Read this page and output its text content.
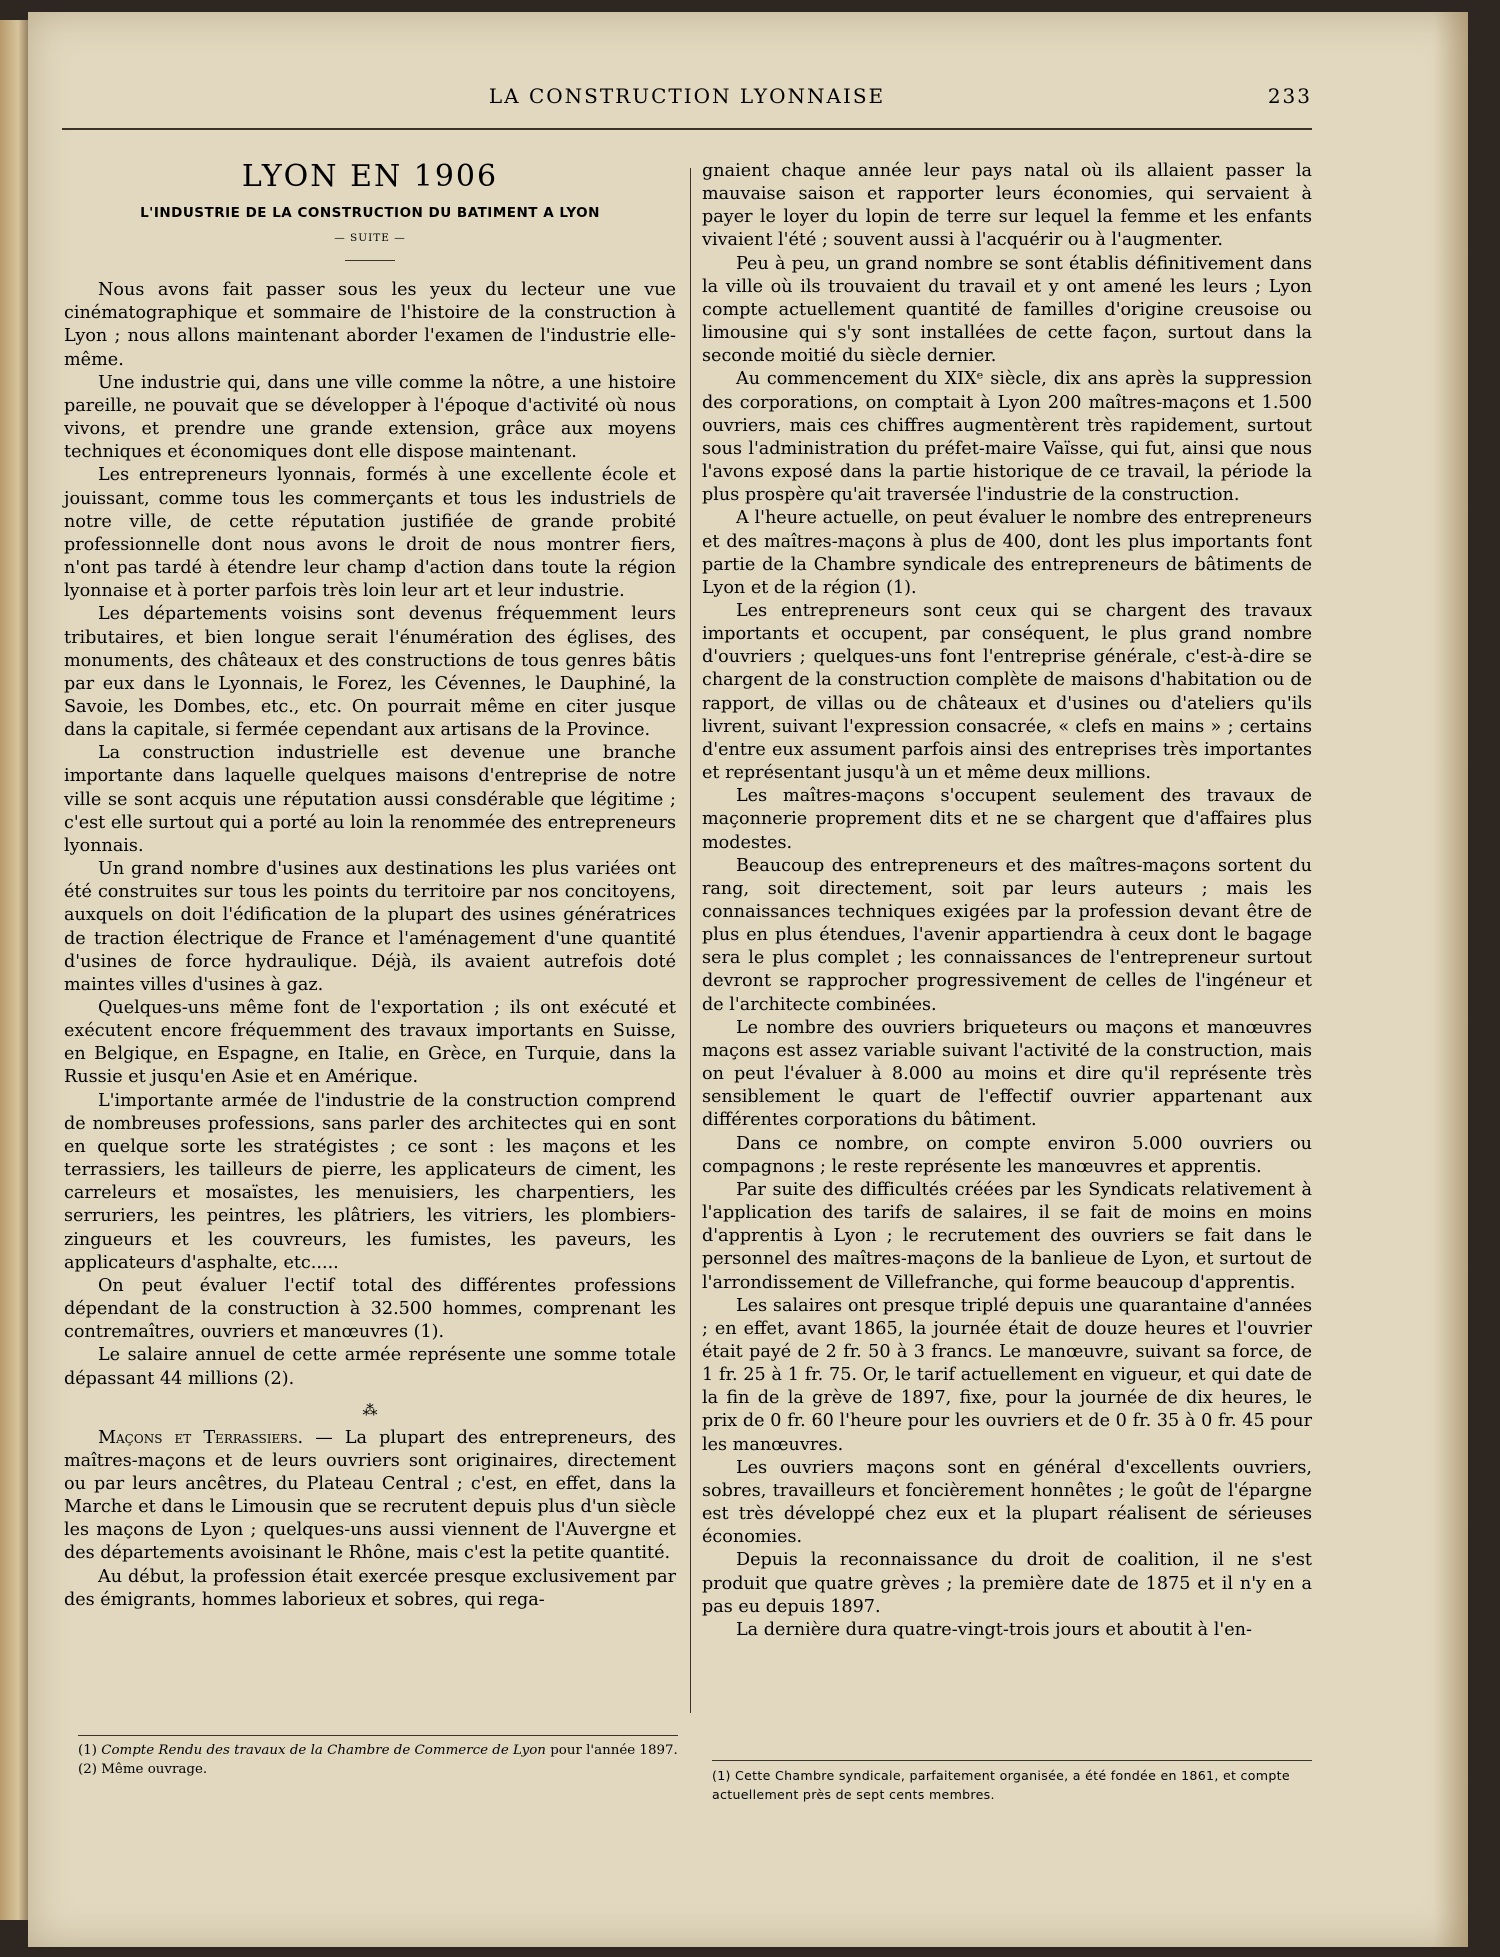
LA CONSTRUCTION LYONNAISE	233
LYON EN 1906
L'INDUSTRIE DE LA CONSTRUCTION DU BATIMENT A LYON
— SUITE —

Nous avons fait passer sous les yeux du lecteur une vue cinématographique et sommaire de l'histoire de la construction à Lyon ; nous allons maintenant aborder l'examen de l'industrie elle-même.

Une industrie qui, dans une ville comme la nôtre, a une histoire pareille, ne pouvait que se développer à l'époque d'activité où nous vivons, et prendre une grande extension, grâce aux moyens techniques et économiques dont elle dispose maintenant.

Les entrepreneurs lyonnais, formés à une excellente école et jouissant, comme tous les commerçants et tous les industriels de notre ville, de cette réputation justifiée de grande probité professionnelle dont nous avons le droit de nous montrer fiers, n'ont pas tardé à étendre leur champ d'action dans toute la région lyonnaise et à porter parfois très loin leur art et leur industrie.

Les départements voisins sont devenus fréquemment leurs tributaires, et bien longue serait l'énumération des églises, des monuments, des châteaux et des constructions de tous genres bâtis par eux dans le Lyonnais, le Forez, les Cévennes, le Dauphiné, la Savoie, les Dombes, etc., etc. On pourrait même en citer jusque dans la capitale, si fermée cependant aux artisans de la Province.

La construction industrielle est devenue une branche importante dans laquelle quelques maisons d'entreprise de notre ville se sont acquis une réputation aussi consdérable que légitime ; c'est elle surtout qui a porté au loin la renommée des entrepreneurs lyonnais.

Un grand nombre d'usines aux destinations les plus variées ont été construites sur tous les points du territoire par nos concitoyens, auxquels on doit l'édification de la plupart des usines génératrices de traction électrique de France et l'aménagement d'une quantité d'usines de force hydraulique. Déjà, ils avaient autrefois doté maintes villes d'usines à gaz.

Quelques-uns même font de l'exportation ; ils ont exécuté et exécutent encore fréquemment des travaux importants en Suisse, en Belgique, en Espagne, en Italie, en Grèce, en Turquie, dans la Russie et jusqu'en Asie et en Amérique.

L'importante armée de l'industrie de la construction comprend de nombreuses professions, sans parler des architectes qui en sont en quelque sorte les stratégistes ; ce sont : les maçons et les terrassiers, les tailleurs de pierre, les applicateurs de ciment, les carreleurs et mosaïstes, les menuisiers, les charpentiers, les serruriers, les peintres, les plâtriers, les vitriers, les plombiers-zingueurs et les couvreurs, les fumistes, les paveurs, les applicateurs d'asphalte, etc.....

On peut évaluer l'ectif total des différentes professions dépendant de la construction à 32.500 hommes, comprenant les contremaîtres, ouvriers et manœuvres (1).

Le salaire annuel de cette armée représente une somme totale dépassant 44 millions (2).

⁂

Maçons et Terrassiers. — La plupart des entrepreneurs, des maîtres-maçons et de leurs ouvriers sont originaires, directement ou par leurs ancêtres, du Plateau Central ; c'est, en effet, dans la Marche et dans le Limousin que se recrutent depuis plus d'un siècle les maçons de Lyon ; quelques-uns aussi viennent de l'Auvergne et des départements avoisinant le Rhône, mais c'est la petite quantité.

Au début, la profession était exercée presque exclusivement par des émigrants, hommes laborieux et sobres, qui rega-

(1) Compte Rendu des travaux de la Chambre de Commerce de Lyon pour l'année 1897.
(2) Même ouvrage.

gnaient chaque année leur pays natal où ils allaient passer la mauvaise saison et rapporter leurs économies, qui servaient à payer le loyer du lopin de terre sur lequel la femme et les enfants vivaient l'été ; souvent aussi à l'acquérir ou à l'augmenter.

Peu à peu, un grand nombre se sont établis définitivement dans la ville où ils trouvaient du travail et y ont amené les leurs ; Lyon compte actuellement quantité de familles d'origine creusoise ou limousine qui s'y sont installées de cette façon, surtout dans la seconde moitié du siècle dernier.

Au commencement du XIXᵉ siècle, dix ans après la suppression des corporations, on comptait à Lyon 200 maîtres-maçons et 1.500 ouvriers, mais ces chiffres augmentèrent très rapidement, surtout sous l'administration du préfet-maire Vaïsse, qui fut, ainsi que nous l'avons exposé dans la partie historique de ce travail, la période la plus prospère qu'ait traversée l'industrie de la construction.

A l'heure actuelle, on peut évaluer le nombre des entrepreneurs et des maîtres-maçons à plus de 400, dont les plus importants font partie de la Chambre syndicale des entrepreneurs de bâtiments de Lyon et de la région (1).

Les entrepreneurs sont ceux qui se chargent des travaux importants et occupent, par conséquent, le plus grand nombre d'ouvriers ; quelques-uns font l'entreprise générale, c'est-à-dire se chargent de la construction complète de maisons d'habitation ou de rapport, de villas ou de châteaux et d'usines ou d'ateliers qu'ils livrent, suivant l'expression consacrée, « clefs en mains » ; certains d'entre eux assument parfois ainsi des entreprises très importantes et représentant jusqu'à un et même deux millions.

Les maîtres-maçons s'occupent seulement des travaux de maçonnerie proprement dits et ne se chargent que d'affaires plus modestes.

Beaucoup des entrepreneurs et des maîtres-maçons sortent du rang, soit directement, soit par leurs auteurs ; mais les connaissances techniques exigées par la profession devant être de plus en plus étendues, l'avenir appartiendra à ceux dont le bagage sera le plus complet ; les connaissances de l'entrepreneur surtout devront se rapprocher progressivement de celles de l'ingéneur et de l'architecte combinées.

Le nombre des ouvriers briqueteurs ou maçons et manœuvres maçons est assez variable suivant l'activité de la construction, mais on peut l'évaluer à 8.000 au moins et dire qu'il représente très sensiblement le quart de l'effectif ouvrier appartenant aux différentes corporations du bâtiment.

Dans ce nombre, on compte environ 5.000 ouvriers ou compagnons ; le reste représente les manœuvres et apprentis.

Par suite des difficultés créées par les Syndicats relativement à l'application des tarifs de salaires, il se fait de moins en moins d'apprentis à Lyon ; le recrutement des ouvriers se fait dans le personnel des maîtres-maçons de la banlieue de Lyon, et surtout de l'arrondissement de Villefranche, qui forme beaucoup d'apprentis.

Les salaires ont presque triplé depuis une quarantaine d'années ; en effet, avant 1865, la journée était de douze heures et l'ouvrier était payé de 2 fr. 50 à 3 francs. Le manœuvre, suivant sa force, de 1 fr. 25 à 1 fr. 75. Or, le tarif actuellement en vigueur, et qui date de la fin de la grève de 1897, fixe, pour la journée de dix heures, le prix de 0 fr. 60 l'heure pour les ouvriers et de 0 fr. 35 à 0 fr. 45 pour les manœuvres.

Les ouvriers maçons sont en général d'excellents ouvriers, sobres, travailleurs et foncièrement honnêtes ; le goût de l'épargne est très développé chez eux et la plupart réalisent de sérieuses économies.

Depuis la reconnaissance du droit de coalition, il ne s'est produit que quatre grèves ; la première date de 1875 et il n'y en a pas eu depuis 1897.

La dernière dura quatre-vingt-trois jours et aboutit à l'en-

(1) Cette Chambre syndicale, parfaitement organisée, a été fondée en 1861, et compte actuellement près de sept cents membres.
